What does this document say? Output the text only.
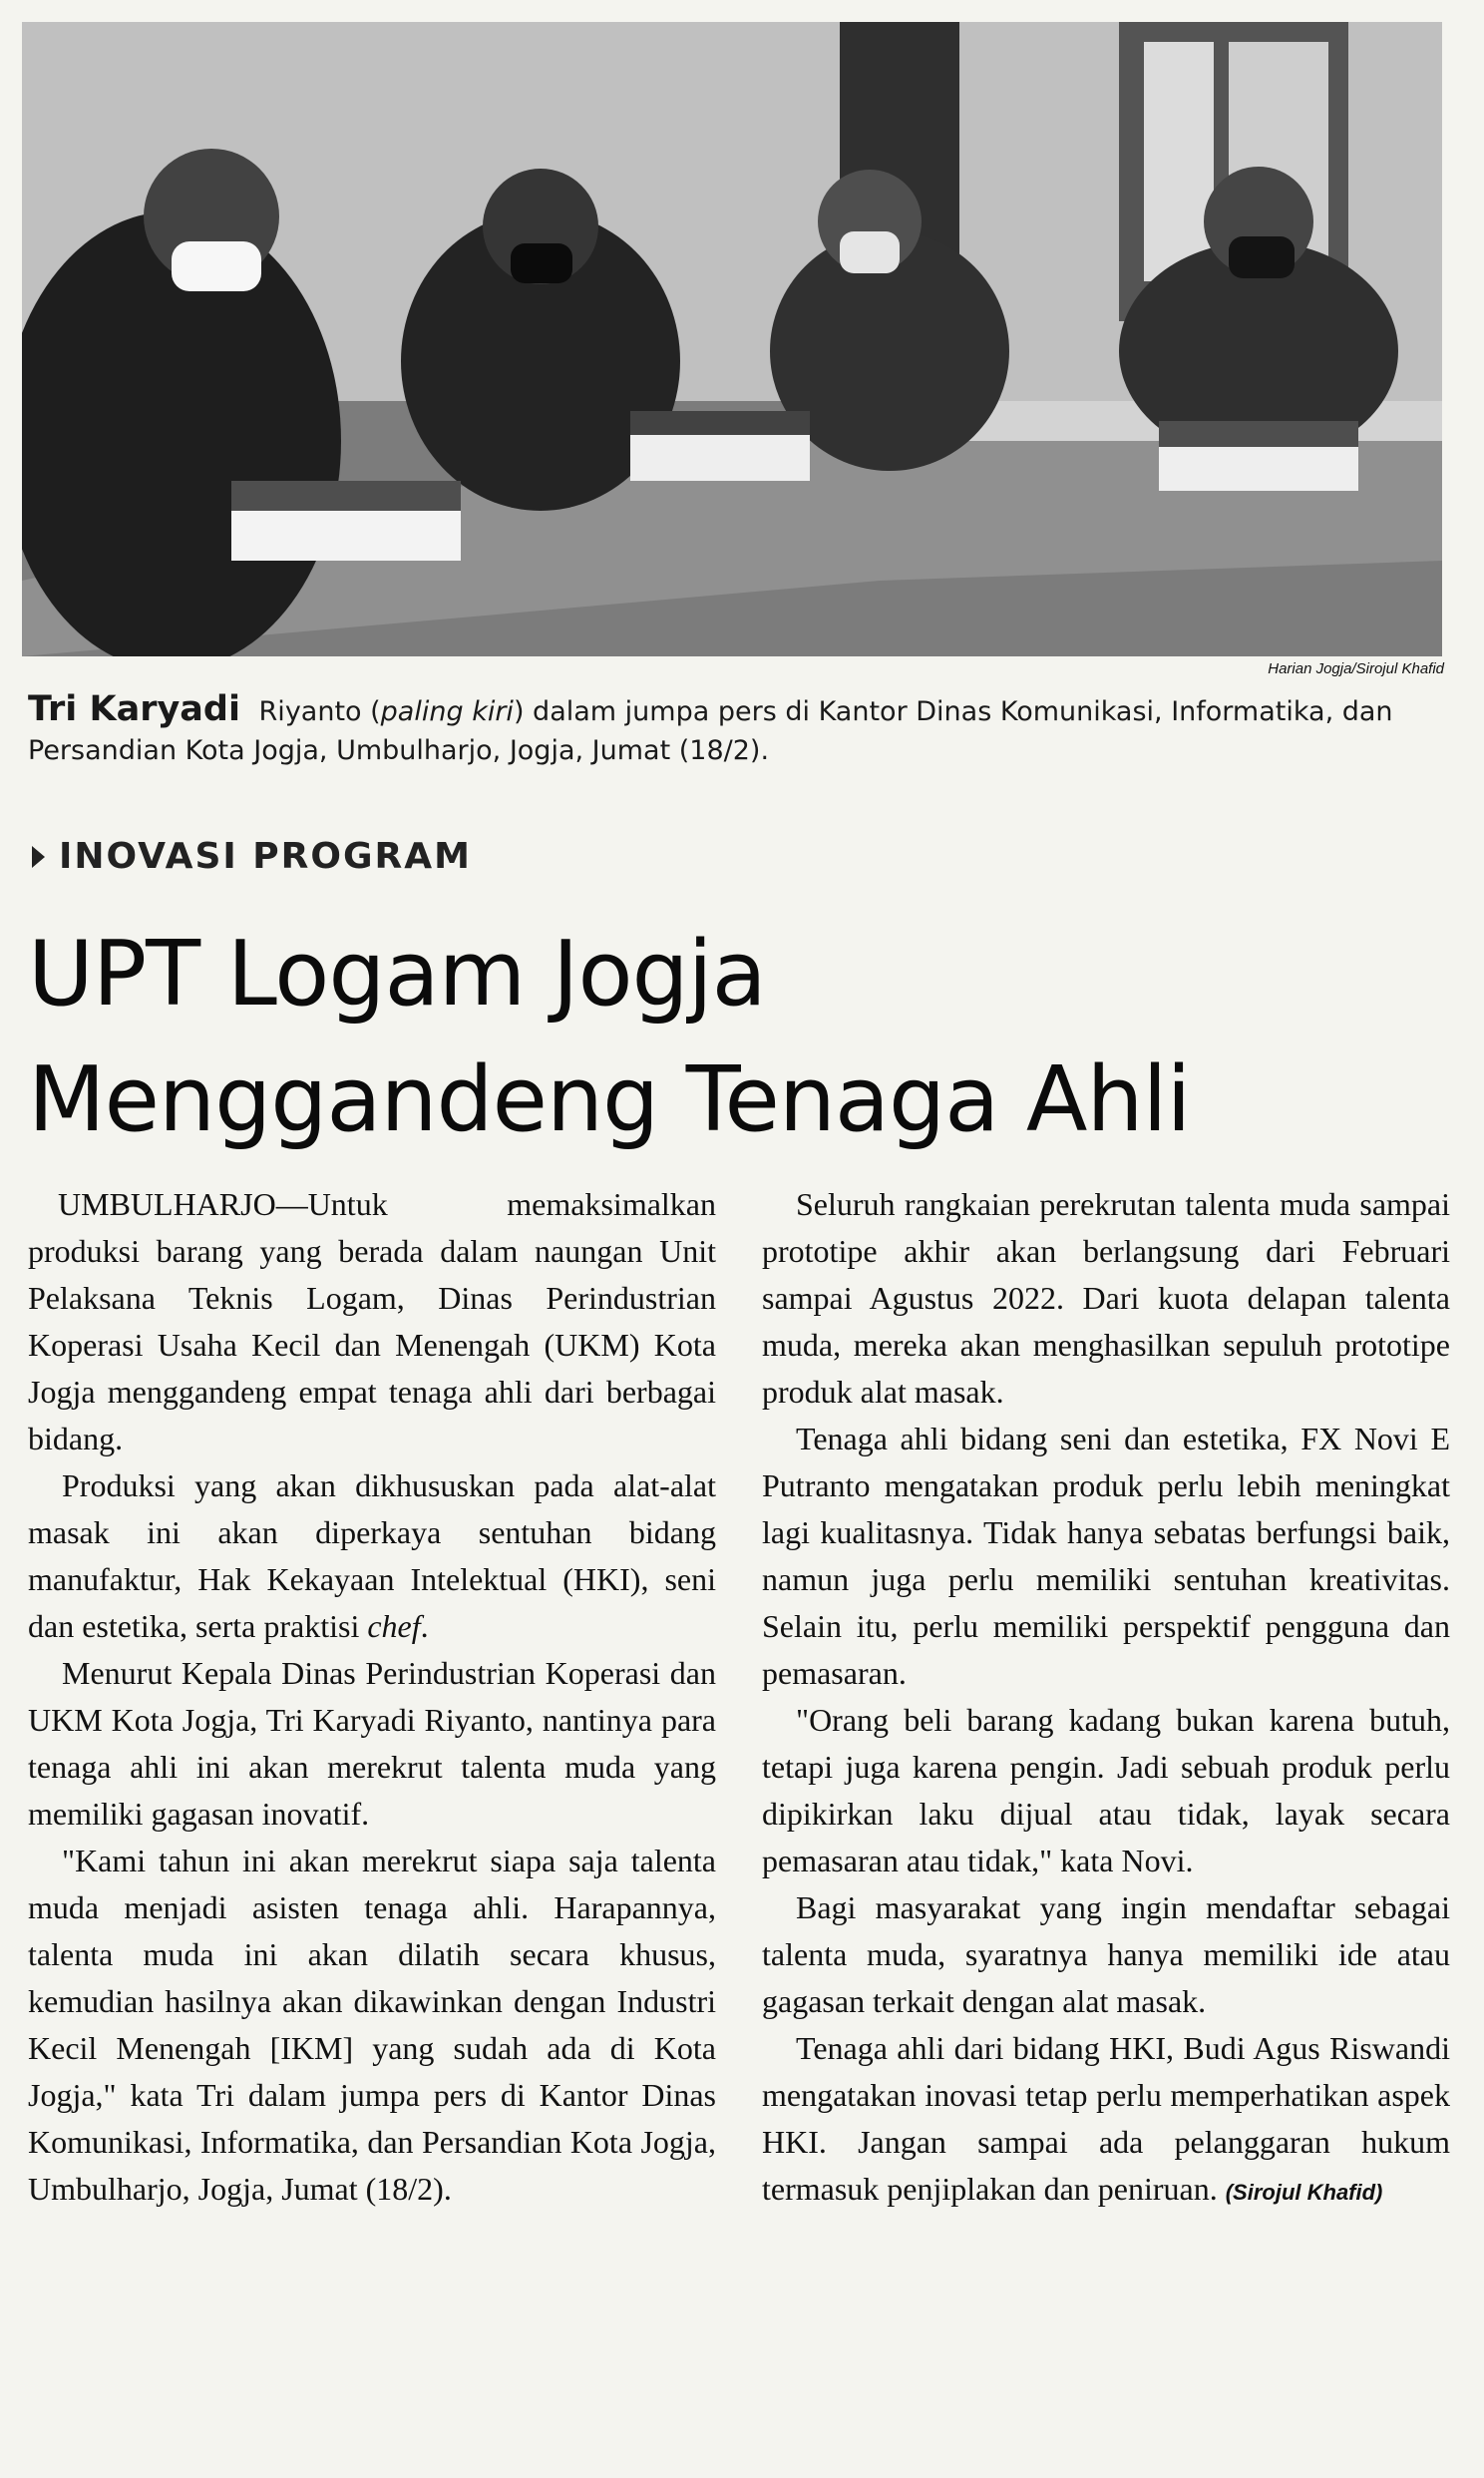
Harian Jogja/Sirojul Khafid

Tri Karyadi Riyanto (paling kiri) dalam jumpa pers di Kantor Dinas Komunikasi, Informatika, dan Persandian Kota Jogja, Umbulharjo, Jogja, Jumat (18/2).

INOVASI PROGRAM
UPT Logam Jogja
Menggandeng Tenaga Ahli

UMBULHARJO—Untuk memaksimalkan produksi barang yang berada dalam naungan Unit Pelaksana Teknis Logam, Dinas Perindustrian Koperasi Usaha Kecil dan Menengah (UKM) Kota Jogja menggandeng empat tenaga ahli dari berbagai bidang.

Produksi yang akan dikhususkan pada alat-alat masak ini akan diperkaya sentuhan bidang manufaktur, Hak Kekayaan Intelektual (HKI), seni dan estetika, serta praktisi chef.

Menurut Kepala Dinas Perindustrian Koperasi dan UKM Kota Jogja, Tri Karyadi Riyanto, nantinya para tenaga ahli ini akan merekrut talenta muda yang memiliki gagasan inovatif.

"Kami tahun ini akan merekrut siapa saja talenta muda menjadi asisten tenaga ahli. Harapannya, talenta muda ini akan dilatih secara khusus, kemudian hasilnya akan dikawinkan dengan Industri Kecil Menengah [IKM] yang sudah ada di Kota Jogja," kata Tri dalam jumpa pers di Kantor Dinas Komunikasi, Informatika, dan Persandian Kota Jogja, Umbulharjo, Jogja, Jumat (18/2).

Seluruh rangkaian perekrutan talenta muda sampai prototipe akhir akan berlangsung dari Februari sampai Agustus 2022. Dari kuota delapan talenta muda, mereka akan menghasilkan sepuluh prototipe produk alat masak.

Tenaga ahli bidang seni dan estetika, FX Novi E Putranto mengatakan produk perlu lebih meningkat lagi kualitasnya. Tidak hanya sebatas berfungsi baik, namun juga perlu memiliki sentuhan kreativitas. Selain itu, perlu memiliki perspektif pengguna dan pemasaran.

"Orang beli barang kadang bukan karena butuh, tetapi juga karena pengin. Jadi sebuah produk perlu dipikirkan laku dijual atau tidak, layak secara pemasaran atau tidak," kata Novi.

Bagi masyarakat yang ingin mendaftar sebagai talenta muda, syaratnya hanya memiliki ide atau gagasan terkait dengan alat masak.

Tenaga ahli dari bidang HKI, Budi Agus Riswandi mengatakan inovasi tetap perlu memperhatikan aspek HKI. Jangan sampai ada pelanggaran hukum termasuk penjiplakan dan peniruan. (Sirojul Khafid)
